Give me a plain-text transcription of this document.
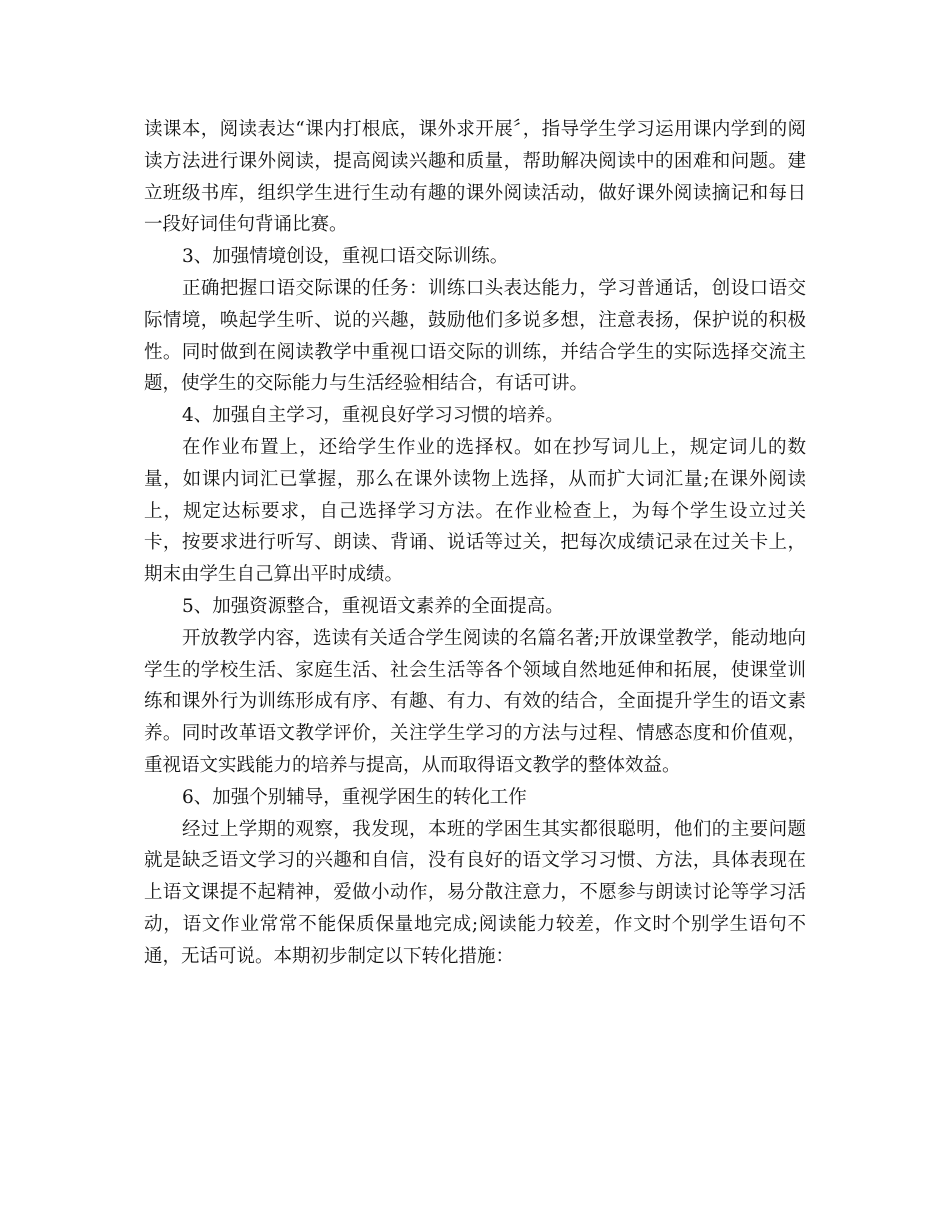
读课本，阅读表达“课内打根底，课外求开展〞，指导学生学习运用课内学到的阅读方法进行课外阅读，提高阅读兴趣和质量，帮助解决阅读中的困难和问题。建立班级书库，组织学生进行生动有趣的课外阅读活动，做好课外阅读摘记和每日一段好词佳句背诵比赛。

3、加强情境创设，重视口语交际训练。

正确把握口语交际课的任务：训练口头表达能力，学习普通话，创设口语交际情境，唤起学生听、说的兴趣，鼓励他们多说多想，注意表扬，保护说的积极性。同时做到在阅读教学中重视口语交际的训练，并结合学生的实际选择交流主题，使学生的交际能力与生活经验相结合，有话可讲。

4、加强自主学习，重视良好学习习惯的培养。

在作业布置上，还给学生作业的选择权。如在抄写词儿上，规定词儿的数量，如课内词汇已掌握，那么在课外读物上选择，从而扩大词汇量;在课外阅读上，规定达标要求，自己选择学习方法。在作业检查上，为每个学生设立过关卡，按要求进行听写、朗读、背诵、说话等过关，把每次成绩记录在过关卡上，期末由学生自己算出平时成绩。

5、加强资源整合，重视语文素养的全面提高。

开放教学内容，选读有关适合学生阅读的名篇名著;开放课堂教学，能动地向学生的学校生活、家庭生活、社会生活等各个领域自然地延伸和拓展，使课堂训练和课外行为训练形成有序、有趣、有力、有效的结合，全面提升学生的语文素养。同时改革语文教学评价，关注学生学习的方法与过程、情感态度和价值观，重视语文实践能力的培养与提高，从而取得语文教学的整体效益。

6、加强个别辅导，重视学困生的转化工作

经过上学期的观察，我发现，本班的学困生其实都很聪明，他们的主要问题就是缺乏语文学习的兴趣和自信，没有良好的语文学习习惯、方法，具体表现在上语文课提不起精神，爱做小动作，易分散注意力，不愿参与朗读讨论等学习活动，语文作业常常不能保质保量地完成;阅读能力较差，作文时个别学生语句不通，无话可说。本期初步制定以下转化措施：
